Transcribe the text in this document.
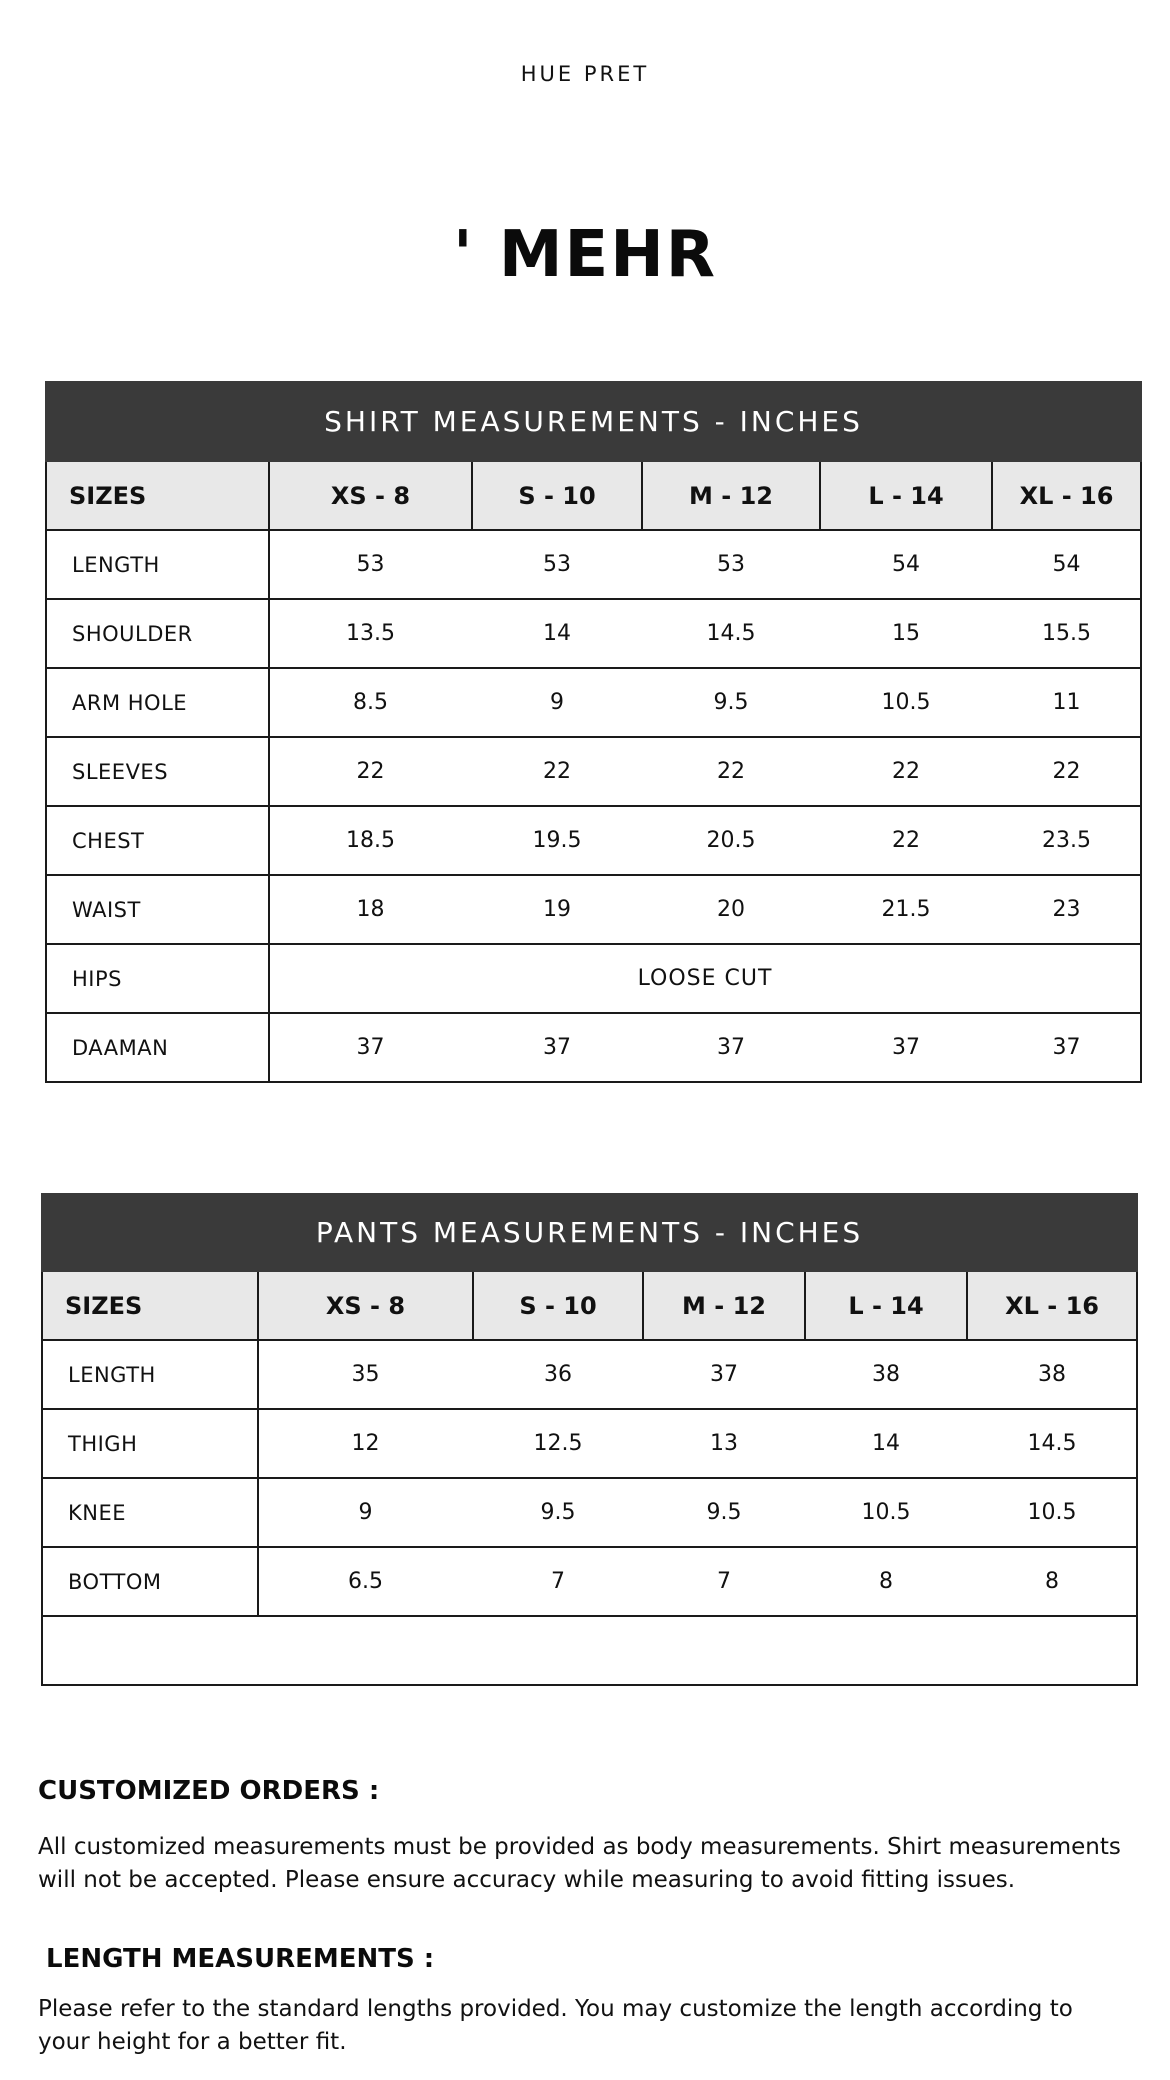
HUE PRET
' MEHR
SHIRT MEASUREMENTS - INCHES					
SIZES	XS - 8	S - 10	M - 12	L - 14	XL - 16
LENGTH	53	53	53	54	54
SHOULDER	13.5	14	14.5	15	15.5
ARM HOLE	8.5	9	9.5	10.5	11
SLEEVES	22	22	22	22	22
CHEST	18.5	19.5	20.5	22	23.5
WAIST	18	19	20	21.5	23
HIPS	LOOSE CUT				
DAAMAN	37	37	37	37	37
PANTS MEASUREMENTS - INCHES					
SIZES	XS - 8	S - 10	M - 12	L - 14	XL - 16
LENGTH	35	36	37	38	38
THIGH	12	12.5	13	14	14.5
KNEE	9	9.5	9.5	10.5	10.5
BOTTOM	6.5	7	7	8	8

CUSTOMIZED ORDERS :
All customized measurements must be provided as body measurements. Shirt measurements will not be accepted. Please ensure accuracy while measuring to avoid fitting issues.
LENGTH MEASUREMENTS :
Please refer to the standard lengths provided. You may customize the length according to your height for a better fit.
